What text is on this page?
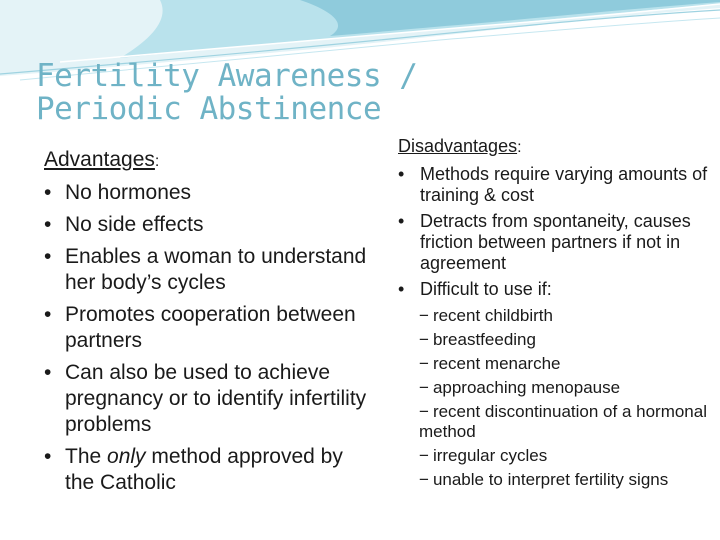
Fertility Awareness /
Periodic Abstinence
Advantages:
• No hormones
• No side effects
• Enables a woman to understand her body’s cycles
• Promotes cooperation between partners
• Can also be used to achieve pregnancy or to identify infertility problems
• The only method approved by the Catholic
Disadvantages:
• Methods require varying amounts of training & cost
• Detracts from spontaneity, causes friction between partners if not in agreement
• Difficult to use if:
− recent childbirth
− breastfeeding
− recent menarche
− approaching menopause
− recent discontinuation of a hormonal method
− irregular cycles
− unable to interpret fertility signs
